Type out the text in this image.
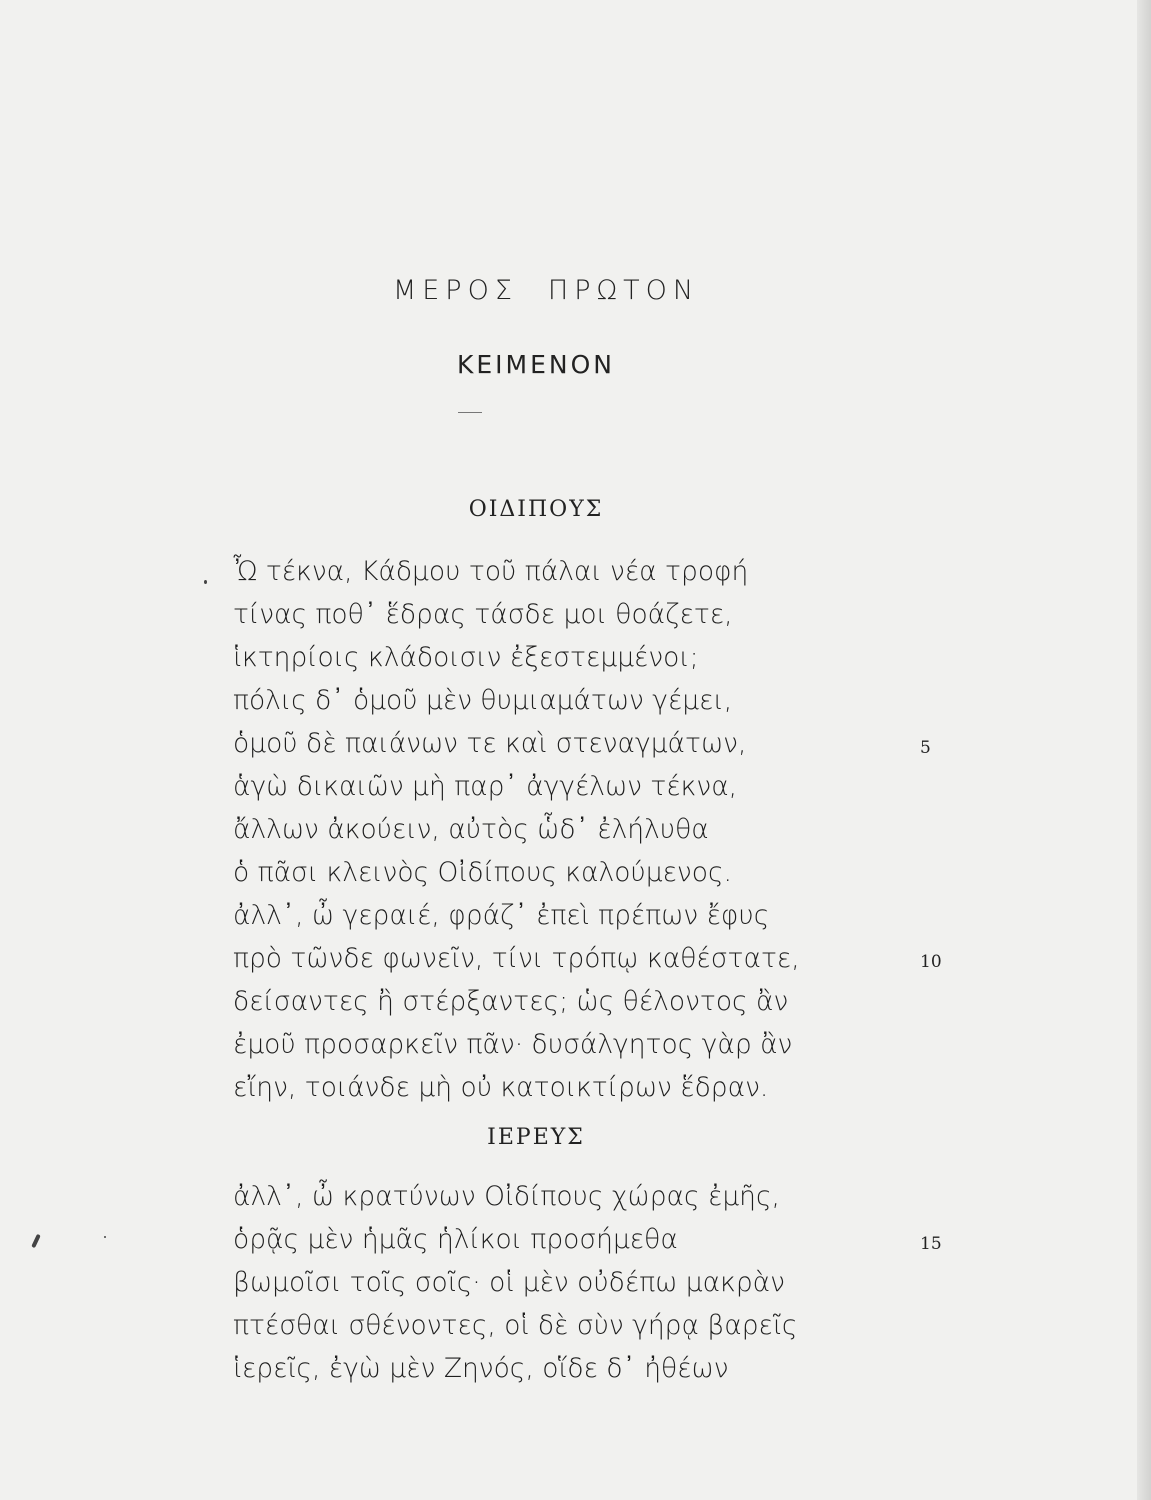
ΜΕΡΟΣ ΠΡΩΤΟΝ
ΚΕΙΜΕΝΟΝ
ΟΙΔΙΠΟΥΣ
Ὦ τέκνα, Κάδμου τοῦ πάλαι νέα τροφή
τίνας ποθ᾽ ἕδρας τάσδε μοι θοάζετε,
ἱκτηρίοις κλάδοισιν ἐξεστεμμένοι;
πόλις δ᾽ ὁμοῦ μὲν θυμιαμάτων γέμει,
ὁμοῦ δὲ παιάνων τε καὶ στεναγμάτων,	5
ἁγὼ δικαιῶν μὴ παρ᾽ ἀγγέλων τέκνα,
ἄλλων ἀκούειν, αὐτὸς ὧδ᾽ ἐλήλυθα
ὁ πᾶσι κλεινὸς Οἰδίπους καλούμενος.
ἀλλ᾽, ὦ γεραιέ, φράζ᾽ ἐπεὶ πρέπων ἔφυς
πρὸ τῶνδε φωνεῖν, τίνι τρόπῳ καθέστατε,	10
δείσαντες ἢ στέρξαντες; ὡς θέλοντος ἂν
ἐμοῦ προσαρκεῖν πᾶν· δυσάλγητος γὰρ ἂν
εἴην, τοιάνδε μὴ οὐ κατοικτίρων ἕδραν.
ΙΕΡΕΥΣ
ἀλλ᾽, ὦ κρατύνων Οἰδίπους χώρας ἐμῆς,
ὁρᾷς μὲν ἡμᾶς ἡλίκοι προσήμεθα	15
βωμοῖσι τοῖς σοῖς· οἱ μὲν οὐδέπω μακρὰν
πτέσθαι σθένοντες, οἱ δὲ σὺν γήρᾳ βαρεῖς
ἱερεῖς, ἐγὼ μὲν Ζηνός, οἵδε δ᾽ ἠθέων
